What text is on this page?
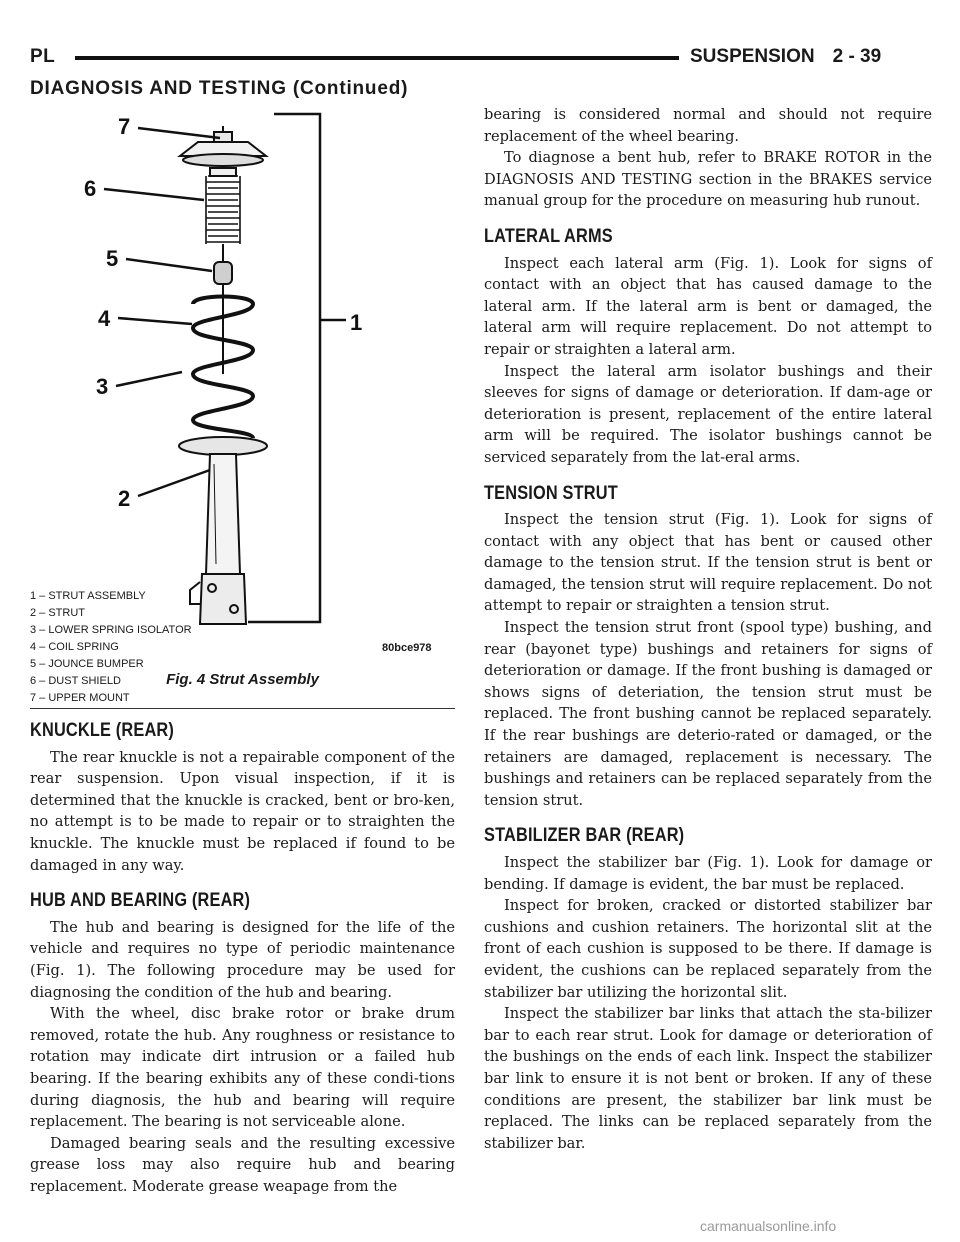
PL	SUSPENSION 2 - 39
DIAGNOSIS AND TESTING (Continued)
7
6
5
4	1
3
2
80bce978
Fig. 4 Strut Assembly
1 – STRUT ASSEMBLY
2 – STRUT
3 – LOWER SPRING ISOLATOR
4 – COIL SPRING
5 – JOUNCE BUMPER
6 – DUST SHIELD
7 – UPPER MOUNT
KNUCKLE (REAR)

The rear knuckle is not a repairable component of the rear suspension. Upon visual inspection, if it is determined that the knuckle is cracked, bent or bro-ken, no attempt is to be made to repair or to straighten the knuckle. The knuckle must be replaced if found to be damaged in any way.

HUB AND BEARING (REAR)

The hub and bearing is designed for the life of the vehicle and requires no type of periodic maintenance (Fig. 1). The following procedure may be used for diagnosing the condition of the hub and bearing.

With the wheel, disc brake rotor or brake drum removed, rotate the hub. Any roughness or resistance to rotation may indicate dirt intrusion or a failed hub bearing. If the bearing exhibits any of these condi-tions during diagnosis, the hub and bearing will require replacement. The bearing is not serviceable alone.

Damaged bearing seals and the resulting excessive grease loss may also require hub and bearing replacement. Moderate grease weapage from the

bearing is considered normal and should not require replacement of the wheel bearing.

To diagnose a bent hub, refer to BRAKE ROTOR in the DIAGNOSIS AND TESTING section in the BRAKES service manual group for the procedure on measuring hub runout.

LATERAL ARMS

Inspect each lateral arm (Fig. 1). Look for signs of contact with an object that has caused damage to the lateral arm. If the lateral arm is bent or damaged, the lateral arm will require replacement. Do not attempt to repair or straighten a lateral arm.

Inspect the lateral arm isolator bushings and their sleeves for signs of damage or deterioration. If dam-age or deterioration is present, replacement of the entire lateral arm will be required. The isolator bushings cannot be serviced separately from the lat-eral arms.

TENSION STRUT

Inspect the tension strut (Fig. 1). Look for signs of contact with any object that has bent or caused other damage to the tension strut. If the tension strut is bent or damaged, the tension strut will require replacement. Do not attempt to repair or straighten a tension strut.

Inspect the tension strut front (spool type) bushing, and rear (bayonet type) bushings and retainers for signs of deterioration or damage. If the front bushing is damaged or shows signs of deteriation, the tension strut must be replaced. The front bushing cannot be replaced separately. If the rear bushings are deterio-rated or damaged, or the retainers are damaged, replacement is necessary. The bushings and retainers can be replaced separately from the tension strut.

STABILIZER BAR (REAR)

Inspect the stabilizer bar (Fig. 1). Look for damage or bending. If damage is evident, the bar must be replaced.

Inspect for broken, cracked or distorted stabilizer bar cushions and cushion retainers. The horizontal slit at the front of each cushion is supposed to be there. If damage is evident, the cushions can be replaced separately from the stabilizer bar utilizing the horizontal slit.

Inspect the stabilizer bar links that attach the sta-bilizer bar to each rear strut. Look for damage or deterioration of the bushings on the ends of each link. Inspect the stabilizer bar link to ensure it is not bent or broken. If any of these conditions are present, the stabilizer bar link must be replaced. The links can be replaced separately from the stabilizer bar.

carmanualsonline.info
